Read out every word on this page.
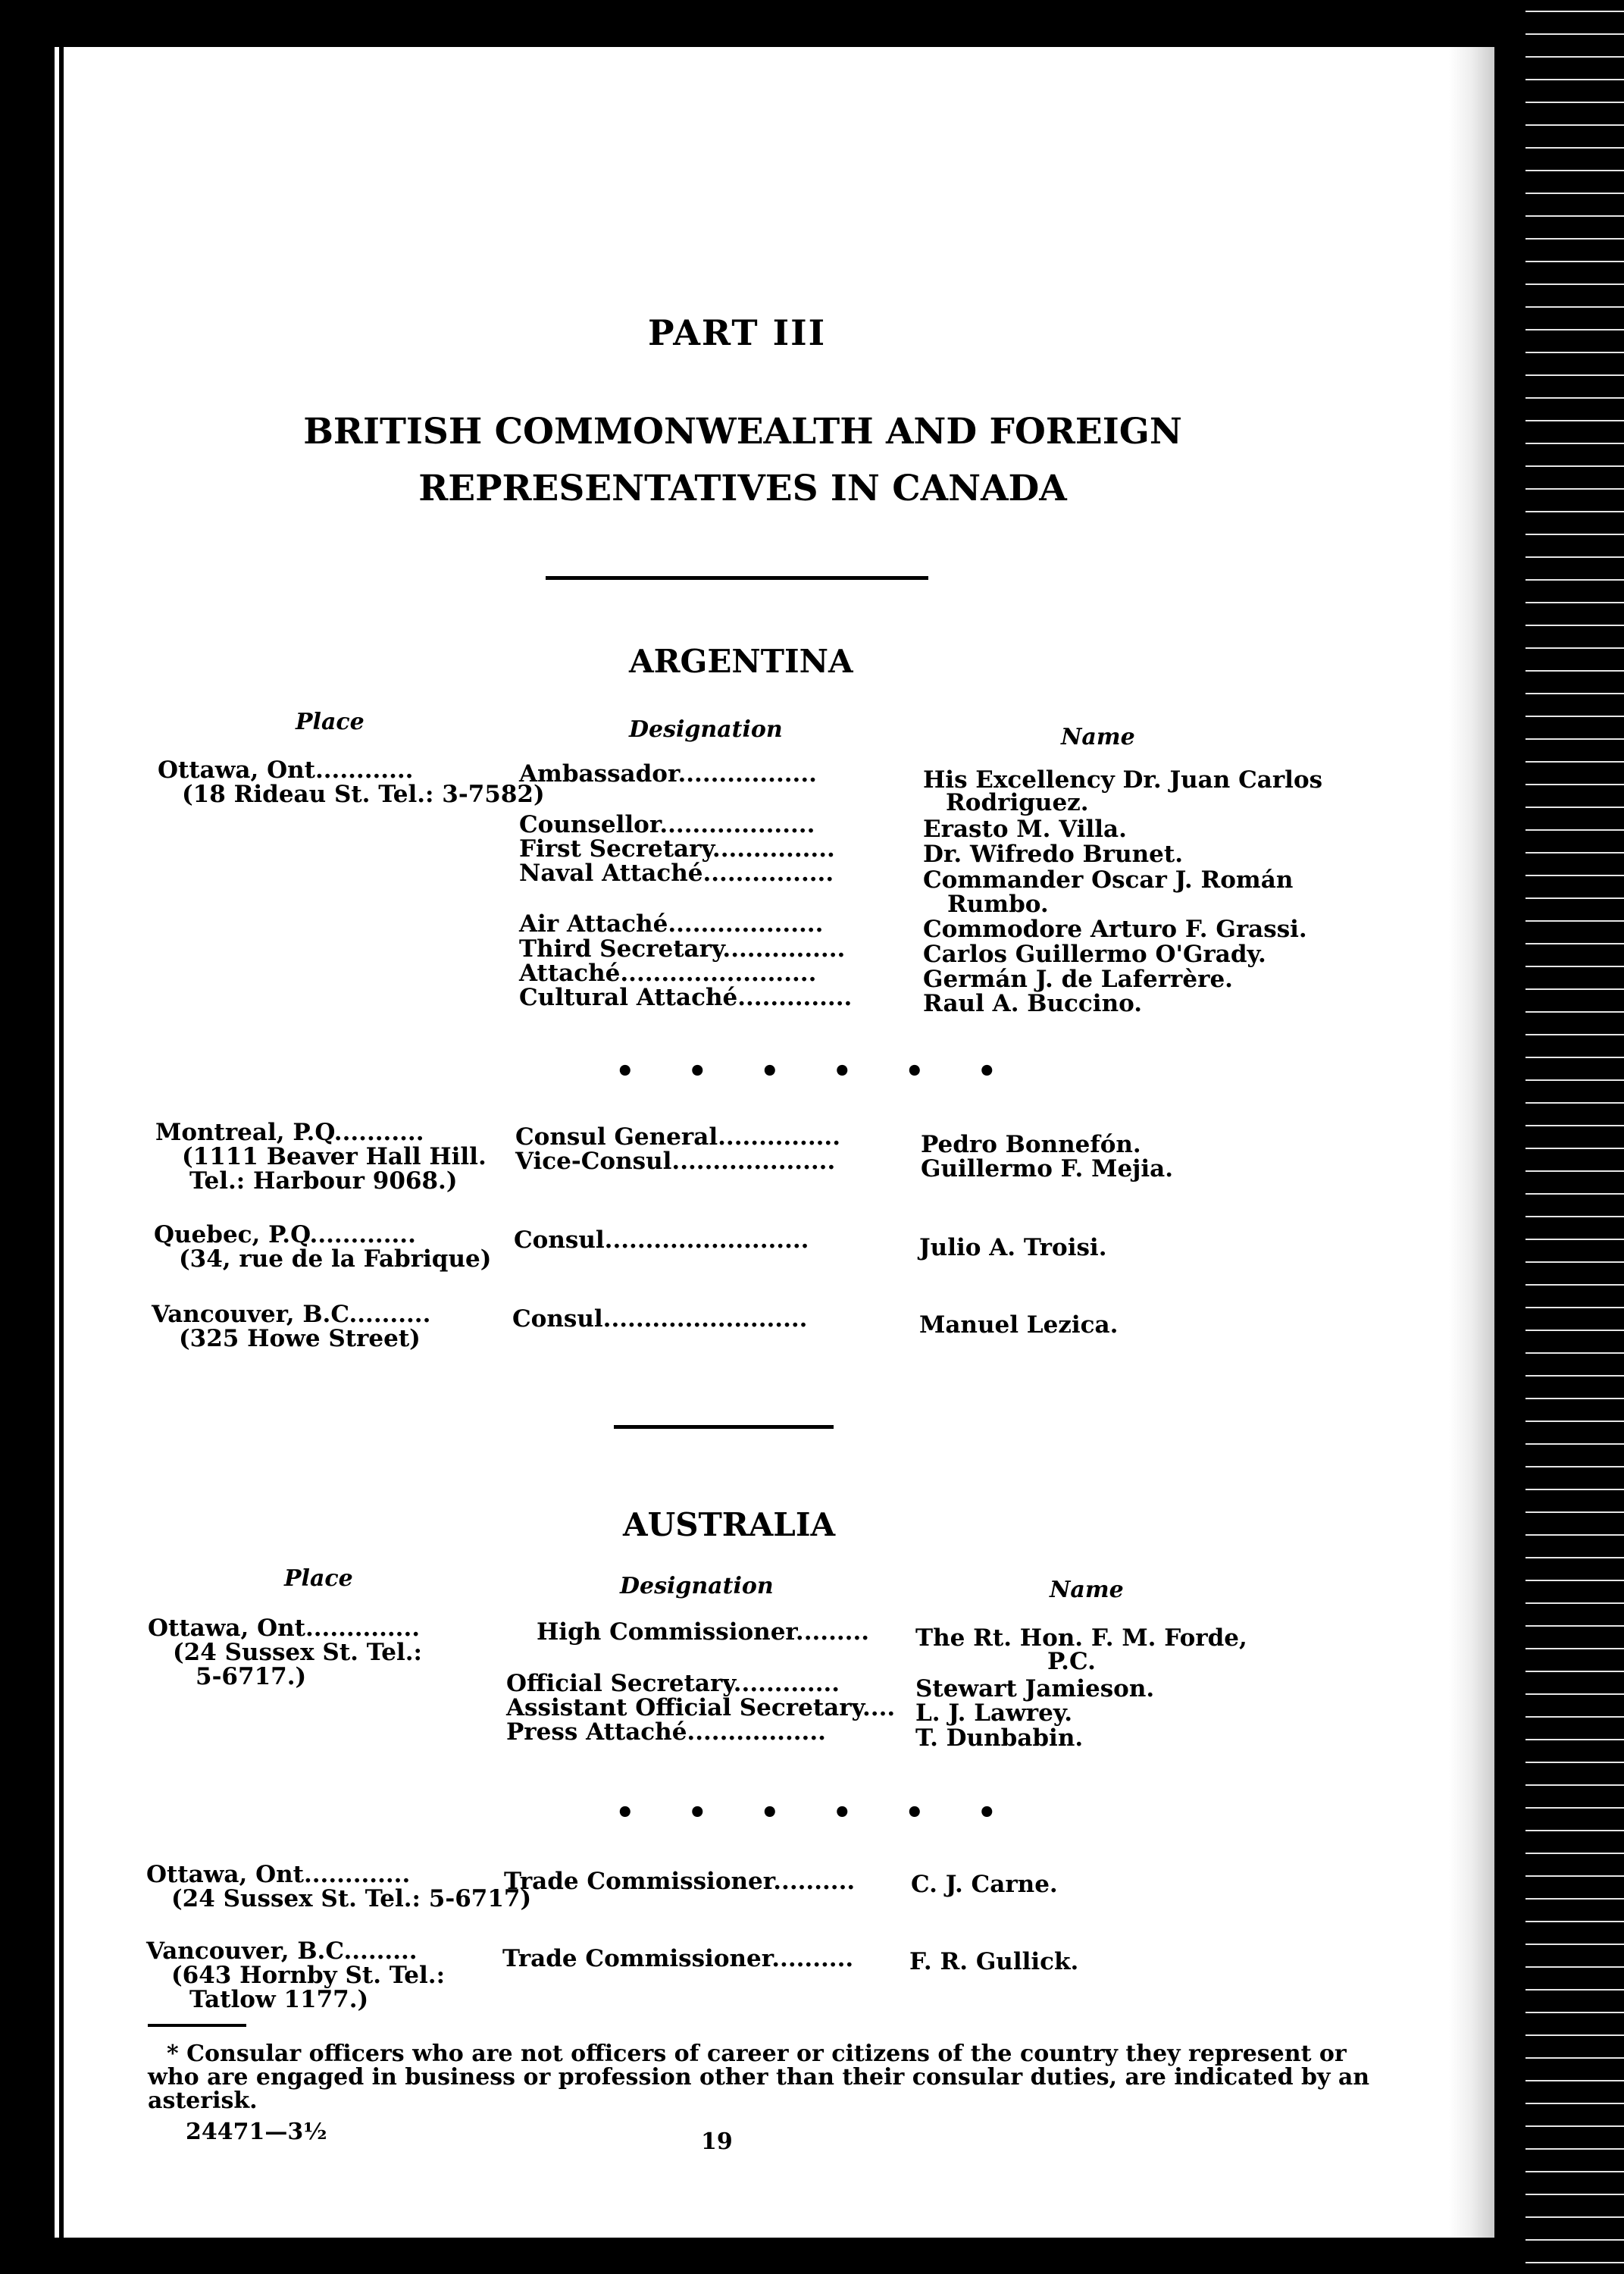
PART III
BRITISH COMMONWEALTH AND FOREIGN
REPRESENTATIVES IN CANADA
ARGENTINA
Place	Designation	Name
Ottawa, Ont............
(18 Rideau St. Tel.: 3-7582)
Ambassador.................	His Excellency Dr. Juan Carlos
Rodriguez.
Counsellor...................	Erasto M. Villa.
First Secretary...............	Dr. Wifredo Brunet.
Naval Attaché................	Commander Oscar J. Román
Rumbo.
Air Attaché...................	Commodore Arturo F. Grassi.
Third Secretary...............	Carlos Guillermo O'Grady.
Attaché........................	Germán J. de Laferrère.
Cultural Attaché..............	Raul A. Buccino.
• • • • • •
Montreal, P.Q...........
(1111 Beaver Hall Hill.
Tel.: Harbour 9068.)
Consul General...............	Pedro Bonnefón.
Vice-Consul....................	Guillermo F. Mejia.
Quebec, P.Q.............
(34, rue de la Fabrique)
Consul.........................	Julio A. Troisi.
Vancouver, B.C..........
(325 Howe Street)
Consul.........................	Manuel Lezica.
AUSTRALIA
Place	Designation	Name
Ottawa, Ont..............
(24 Sussex St. Tel.:
5-6717.)
High Commissioner......... The Rt. Hon. F. M. Forde,
P.C.
Official Secretary.............	Stewart Jamieson.
Assistant Official Secretary.... L. J. Lawrey.
Press Attaché.................	T. Dunbabin.
• • • • • •
Ottawa, Ont.............
(24 Sussex St. Tel.: 5-6717)
Trade Commissioner.......... C. J. Carne.
Vancouver, B.C.........
(643 Hornby St. Tel.:
Tatlow 1177.)
Trade Commissioner.......... F. R. Gullick.
* Consular officers who are not officers of career or citizens of the country they represent or
who are engaged in business or profession other than their consular duties, are indicated by an
asterisk.
24471—3½	19
